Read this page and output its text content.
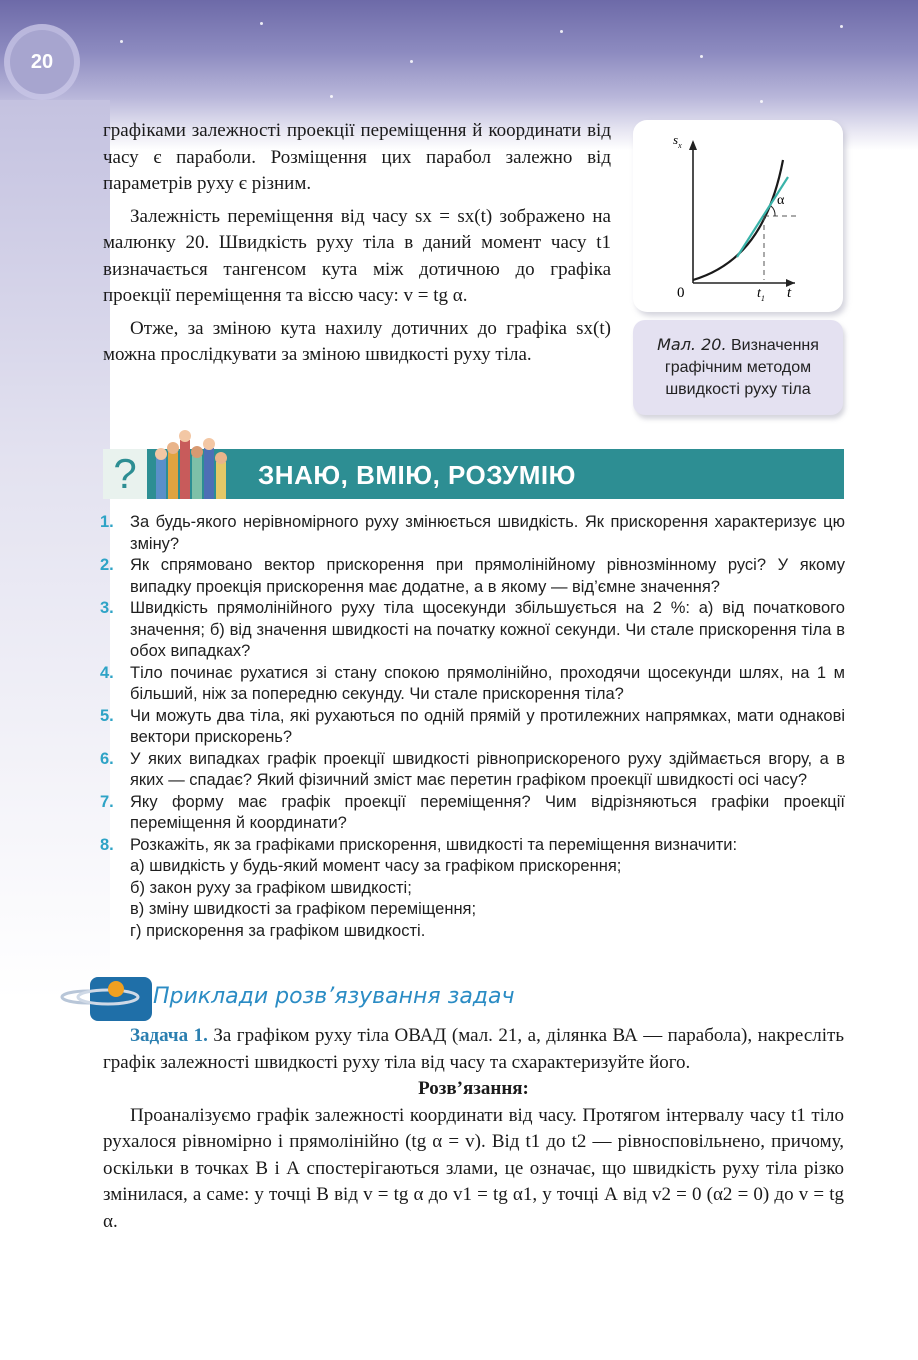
20

графіками залежності проекції переміщення й координати від часу є параболи. Розміщення цих парабол залежно від параметрів руху є різним.

Залежність переміщення від часу sx = sx(t) зображено на малюнку 20. Швидкість руху тіла в даний момент часу t1 визначається тангенсом кута між дотичною до графіка проекції переміщення та віссю часу: v = tg α.

Отже, за зміною кута нахилу дотичних до графіка sx(t) можна прослідкувати за зміною швидкості руху тіла.

$s_x$
0	$t_1$ t
α
Мал. 20. Визначення графічним методом швидкості руху тіла
?	ЗНАЮ, ВМІЮ, РОЗУМІЮ
1. За будь-якого нерівномірного руху змінюється швидкість. Як прискорення характеризує цю зміну?
2. Як спрямовано вектор прискорення при прямолінійному рівнозмінному русі? У якому випадку проекція прискорення має додатне, а в якому — від’ємне значення?
3. Швидкість прямолінійного руху тіла щосекунди збільшується на 2 %: а) від початкового значення; б) від значення швидкості на початку кожної секунди. Чи стале прискорення тіла в обох випадках?
4. Тіло починає рухатися зі стану спокою прямолінійно, проходячи щосекунди шлях, на 1 м більший, ніж за попередню секунду. Чи стале прискорення тіла?
5. Чи можуть два тіла, які рухаються по одній прямій у протилежних напрямках, мати однакові вектори прискорень?
6. У яких випадках графік проекції швидкості рівноприскореного руху здіймається вгору, а в яких — спадає? Який фізичний зміст має перетин графіком проекції швидкості осі часу?
7. Яку форму має графік проекції переміщення? Чим відрізняються графіки проекції переміщення й координати?
8. Розкажіть, як за графіками прискорення, швидкості та переміщення визначити:
а) швидкість у будь-який момент часу за графіком прискорення;
б) закон руху за графіком швидкості;
в) зміну швидкості за графіком переміщення;
г) прискорення за графіком швидкості.
Приклади розв’язування задач

Задача 1. За графіком руху тіла ОВАД (мал. 21, а, ділянка ВА — парабола), накресліть графік залежності швидкості руху тіла від часу та схарактеризуйте його.

Розв’язання:

Проаналізуємо графік залежності координати від часу. Протягом інтервалу часу t1 тіло рухалося рівномірно і прямолінійно (tg α = v). Від t1 до t2 — рівносповільнено, причому, оскільки в точках В і А спостерігаються злами, це означає, що швидкість руху тіла різко змінилася, а саме: у точці В від v = tg α до v1 = tg α1, у точці А від v2 = 0 (α2 = 0) до v = tg α.
